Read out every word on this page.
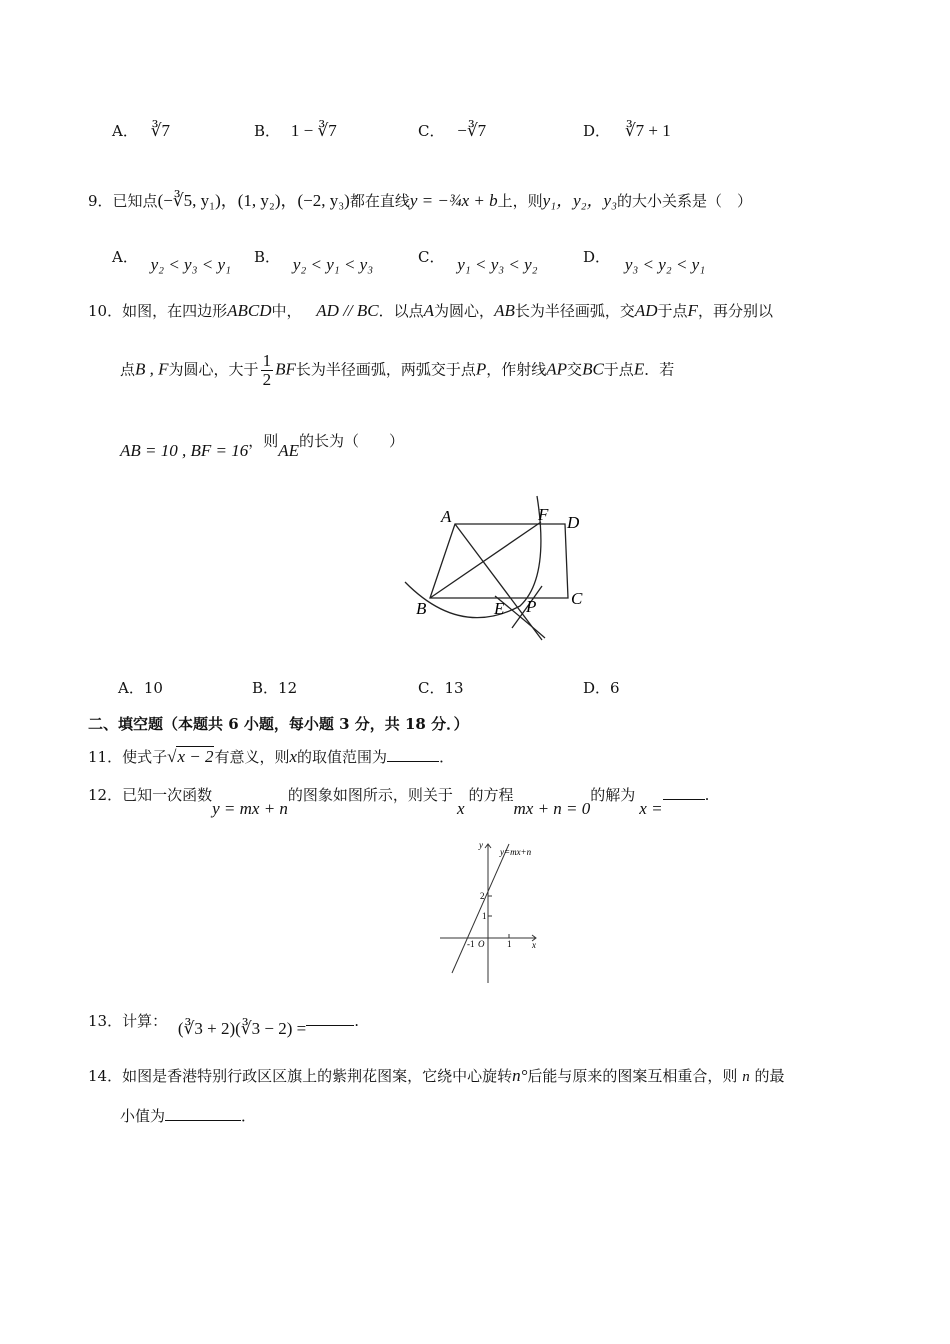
A． ∛7	B． 1 − ∛7	C． −∛7	D． ∛7 + 1
9．已知点(−∛5, y₁)，(1, y₂)，(−2, y₃)都在直线y = −¾x + b上，则y₁，y₂，y₃的大小关系是（　）
A． y₂ < y₃ < y₁ B． y₂ < y₁ < y₃	C． y₁ < y₃ < y₂	D． y₃ < y₂ < y₁
10．如图，在四边形ABCD中， AD // BC．以点A为圆心，AB长为半径画弧，交AD于点F，再分别以
点B , F为圆心，大于 $\frac{1}{2}$ BF长为半径画弧，两弧交于点P，作射线AP交BC于点E．若
AB = 10 , BF = 16，则AE的长为（　　）
A	F D
B	E P C
A．10	B．12	C．13	D．6
二、填空题（本题共 6 小题，每小题 3 分，共 18 分．）
11．使式子√x − 2有意义，则x的取值范围为	．
12．已知一次函数y = mx + n的图象如图所示，则关于x的方程mx + n = 0的解为x =.
y=mx+n
y
x
2
1
-1 O	1
13．计算： (∛3 + 2)(∛3 − 2) =	.
14．如图是香港特别行政区区旗上的紫荆花图案，它绕中心旋转n°后能与原来的图案互相重合，则 n 的最
小值为	．
